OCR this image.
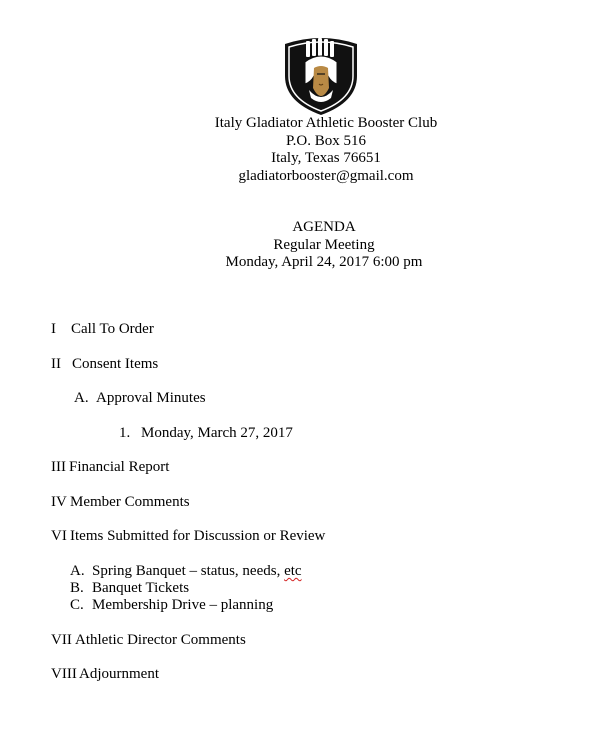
Italy Gladiator Athletic Booster Club
P.O. Box 516
Italy, Texas 76651
gladiatorbooster@gmail.com
AGENDA
Regular Meeting
Monday, April 24, 2017 6:00 pm
I Call To Order
II Consent Items
A. Approval Minutes
1. Monday, March 27, 2017
III Financial Report
IV Member Comments
VI Items Submitted for Discussion or Review
A. Spring Banquet – status, needs, etc
B. Banquet Tickets
C. Membership Drive – planning
VII Athletic Director Comments
VIII Adjournment
